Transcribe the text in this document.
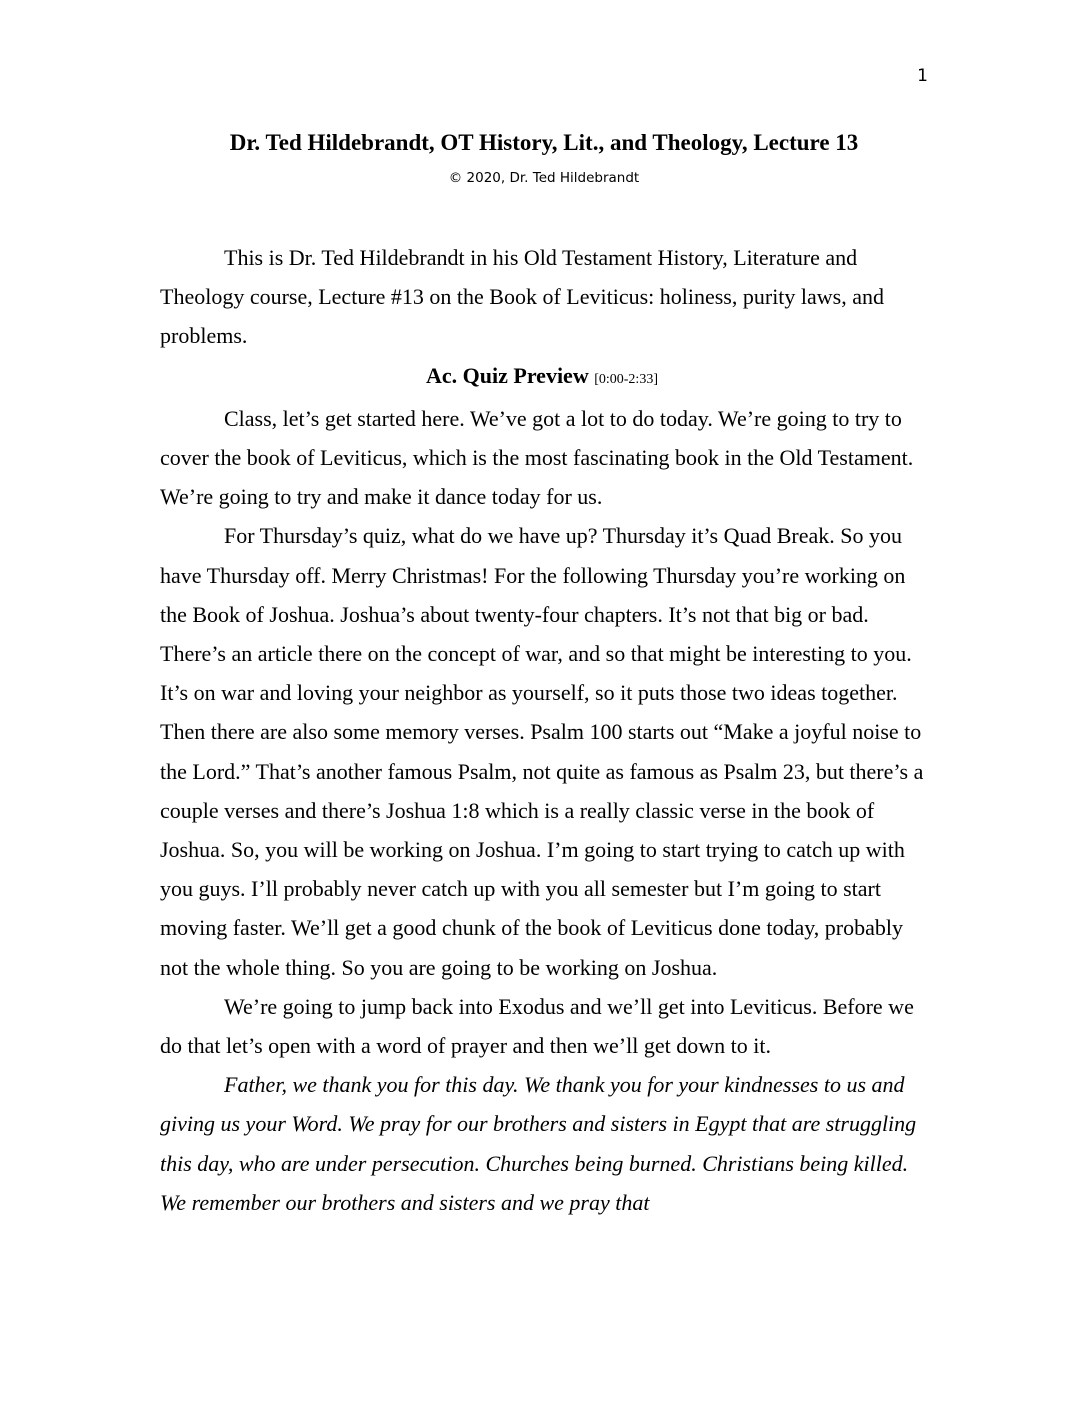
1
Dr. Ted Hildebrandt, OT History, Lit., and Theology, Lecture 13
© 2020, Dr. Ted Hildebrandt

This is Dr. Ted Hildebrandt in his Old Testament History, Literature and Theology course, Lecture #13 on the Book of Leviticus: holiness, purity laws, and problems.

Ac. Quiz Preview [0:00-2:33]

Class, let’s get started here. We’ve got a lot to do today. We’re going to try to cover the book of Leviticus, which is the most fascinating book in the Old Testament. We’re going to try and make it dance today for us.

For Thursday’s quiz, what do we have up? Thursday it’s Quad Break. So you have Thursday off. Merry Christmas! For the following Thursday you’re working on the Book of Joshua. Joshua’s about twenty-four chapters. It’s not that big or bad. There’s an article there on the concept of war, and so that might be interesting to you. It’s on war and loving your neighbor as yourself, so it puts those two ideas together. Then there are also some memory verses. Psalm 100 starts out “Make a joyful noise to the Lord.” That’s another famous Psalm, not quite as famous as Psalm 23, but there’s a couple verses and there’s Joshua 1:8 which is a really classic verse in the book of Joshua. So, you will be working on Joshua. I’m going to start trying to catch up with you guys. I’ll probably never catch up with you all semester but I’m going to start moving faster. We’ll get a good chunk of the book of Leviticus done today, probably not the whole thing. So you are going to be working on Joshua.

We’re going to jump back into Exodus and we’ll get into Leviticus. Before we do that let’s open with a word of prayer and then we’ll get down to it.

Father, we thank you for this day. We thank you for your kindnesses to us and giving us your Word. We pray for our brothers and sisters in Egypt that are struggling this day, who are under persecution. Churches being burned. Christians being killed. We remember our brothers and sisters and we pray that
